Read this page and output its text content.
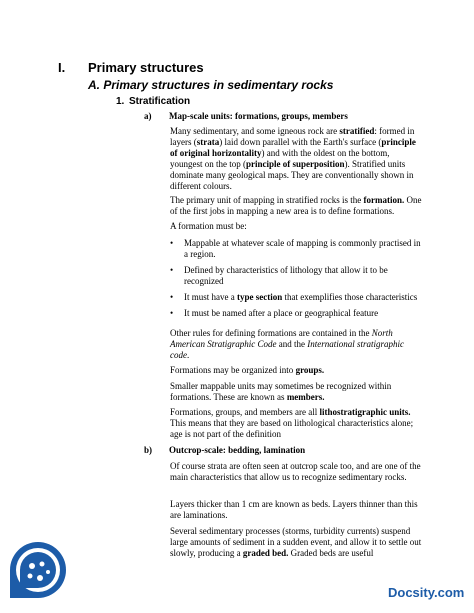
I. Primary structures
A. Primary structures in sedimentary rocks
1. Stratification
a) Map-scale units: formations, groups, members

Many sedimentary, and some igneous rock are stratified: formed in layers (strata) laid down parallel with the Earth's surface (principle of original horizontality) and with the oldest on the bottom, youngest on the top (principle of superposition). Stratified units dominate many geological maps. They are conventionally shown in different colours.

The primary unit of mapping in stratified rocks is the formation. One of the first jobs in mapping a new area is to define formations.

A formation must be:

• Mappable at whatever scale of mapping is commonly practised in a region.
• Defined by characteristics of lithology that allow it to be recognized
• It must have a type section that exemplifies those characteristics
• It must be named after a place or geographical feature

Other rules for defining formations are contained in the North American Stratigraphic Code and the International stratigraphic code.

Formations may be organized into groups.

Smaller mappable units may sometimes be recognized within formations. These are known as members.

Formations, groups, and members are all lithostratigraphic units. This means that they are based on lithological characteristics alone; age is not part of the definition

b) Outcrop-scale: bedding, lamination

Of course strata are often seen at outcrop scale too, and are one of the main characteristics that allow us to recognize sedimentary rocks.

Layers thicker than 1 cm are known as beds. Layers thinner than this are laminations.

Several sedimentary processes (storms, turbidity currents) suspend large amounts of sediment in a sudden event, and allow it to settle out slowly, producing a graded bed. Graded beds are useful

Docsity.com
